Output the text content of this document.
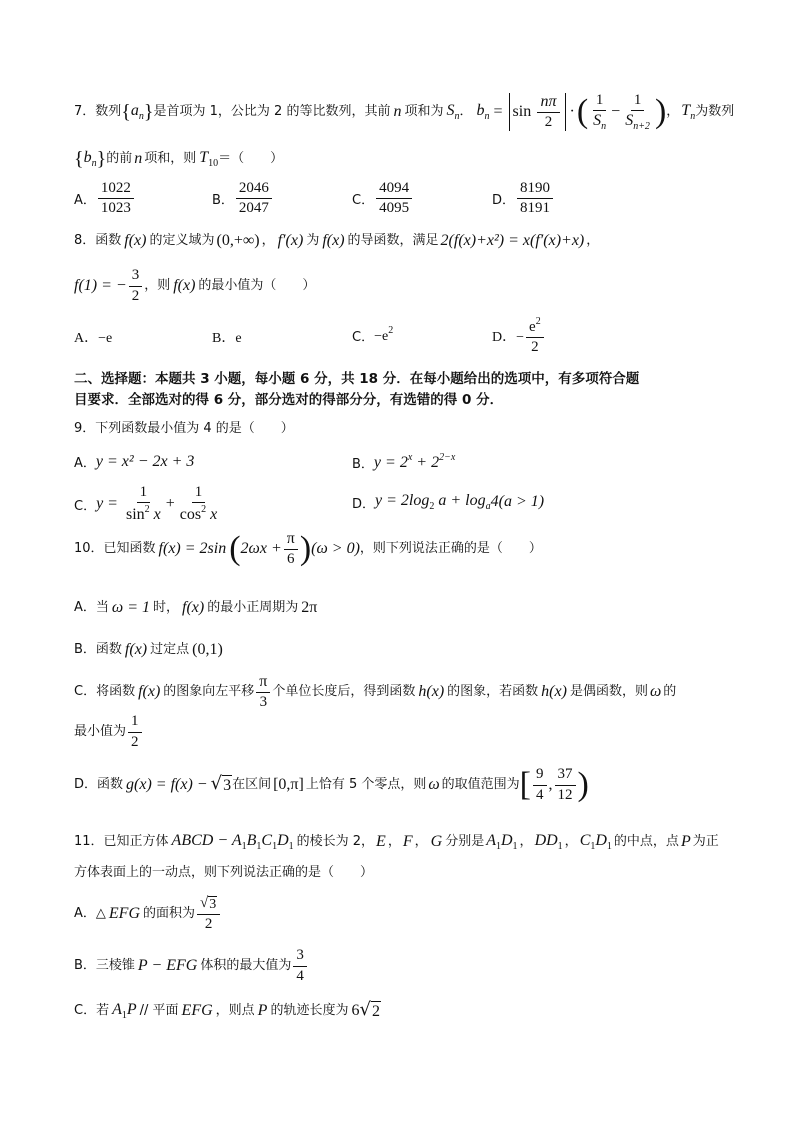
7．数列 { $a_n$ } 是首项为 1，公比为 2 的等比数列，其前 n 项和为 $S_n$ ． $b_n = \sin \frac{n\pi}{2}$ · ( $\frac{1}{S_n} - \frac{1}{S_{n+2}}$ ) ， $T_n$ 为数列
{ $b_n$ } 的前 n 项和，则 $T_{10}$ ＝（　　）
A． $\frac{1022}{1023}$	B． $\frac{2046}{2047}$	C． $\frac{4094}{4095}$	D． $\frac{8190}{8191}$
8．函数 f(x) 的定义域为 (0,+∞) ， f′(x) 为 f(x) 的导函数，满足 2(f(x)+x²) = x(f′(x)+x) ，
f(1) = − $\frac{3}{2}$ ，则 f(x) 的最小值为（　　）
A．−e	B．e	C． $-e^2$	D．− $\frac{e^2}{2}$
二、选择题：本题共 3 小题，每小题 6 分，共 18 分．在每小题给出的选项中，有多项符合题
目要求．全部选对的得 6 分，部分选对的得部分分，有选错的得 0 分．
9．下列函数最小值为 4 的是（　　）
A． y = x² − 2x + 3	B． $y = 2^x + 2^{2-x}$
C． $y = \frac{1}{\sin^2 x} + \frac{1}{\cos^2 x}$	D． $y = 2\log_2$ $a + \log_a 4(a > 1)$
10．已知函数 f(x) = 2sin ( $2\omega x + \frac{\pi}{6}$ ) (ω > 0) ，则下列说法正确的是（　　）
A．当 ω = 1 时， f(x) 的最小正周期为 2π
B．函数 f(x) 过定点 (0,1)
C．将函数 f(x) 的图象向左平移 $\frac{\pi}{3}$ 个单位长度后，得到函数 h(x) 的图象，若函数 h(x) 是偶函数，则 ω 的
最小值为 $\frac{1}{2}$
D．函数 g(x) = f(x) − √ 3 在区间 [0,π] 上恰有 5 个零点，则 ω 的取值范围为 [ $\frac{9}{4}$ , $\frac{37}{12}$ )
11．已知正方体 ABCD − $A_1B_1C_1D_1$ 的棱长为 2， E ， F ， G 分别是 $A_1D_1$ ， $DD_1$ ， $C_1D_1$ 的中点，点 P 为正
方体表面上的一动点，则下列说法正确的是（　　）
A．△ EFG 的面积为 $\frac{√ 3}{2}$
B．三棱锥 P − EFG 体积的最大值为 $\frac{3}{4}$
C．若 $A_1P$ // 平面 EFG ，则点 P 的轨迹长度为 6 √ 2
